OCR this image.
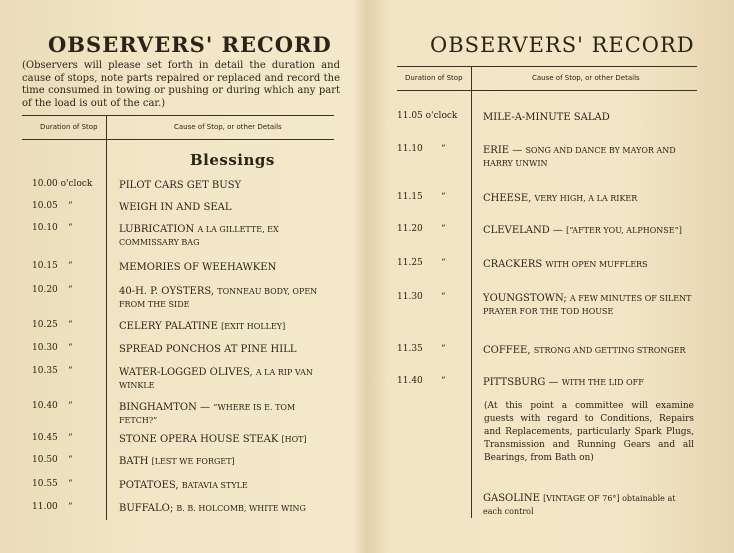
OBSERVERS' RECORD
(Observers will please set forth in detail the duration and cause of stops, note parts repaired or replaced and record the time consumed in towing or pushing or during which any part of the load is out of the car.)
Duration of Stop	Cause of Stop, or other Details
Blessings
10.00 o'clock	PILOT CARS GET BUSY
10.05 “	WEIGH IN AND SEAL
10.10 “	LUBRICATION A LA GILLETTE, EX COMMISSARY BAG
10.15 “	MEMORIES OF WEEHAWKEN
10.20 “	40-H. P. OYSTERS, TONNEAU BODY, OPEN FROM THE SIDE
10.25 “	CELERY PALATINE [EXIT HOLLEY]
10.30 “	SPREAD PONCHOS AT PINE HILL
10.35 “	WATER-LOGGED OLIVES, A LA RIP VAN WINKLE
10.40 “	BINGHAMTON — “WHERE IS E. TOM FETCH?”
10.45 “	STONE OPERA HOUSE STEAK [HOT]
10.50 “	BATH [LEST WE FORGET]
10.55 “	POTATOES, BATAVIA STYLE
11.00 “	BUFFALO; B. B. HOLCOMB, WHITE WING
OBSERVERS' RECORD
Duration of Stop	Cause of Stop, or other Details
11.05 o'clock	MILE-A-MINUTE SALAD
11.10 “	ERIE — SONG AND DANCE BY MAYOR AND HARRY UNWIN
11.15 “	CHEESE, VERY HIGH, A LA RIKER
11.20 “	CLEVELAND — [“AFTER YOU, ALPHONSE”]
11.25 “	CRACKERS WITH OPEN MUFFLERS
11.30 “	YOUNGSTOWN; A FEW MINUTES OF SILENT PRAYER FOR THE TOD HOUSE
11.35 “	COFFEE, STRONG AND GETTING STRONGER
11.40 “	PITTSBURG — WITH THE LID OFF
(At this point a committee will examine guests with regard to Conditions, Repairs and Replacements, particularly Spark Plugs, Transmission and Running Gears and all Bearings, from Bath on)
GASOLINE [VINTAGE OF 76°] obtainable at each control
